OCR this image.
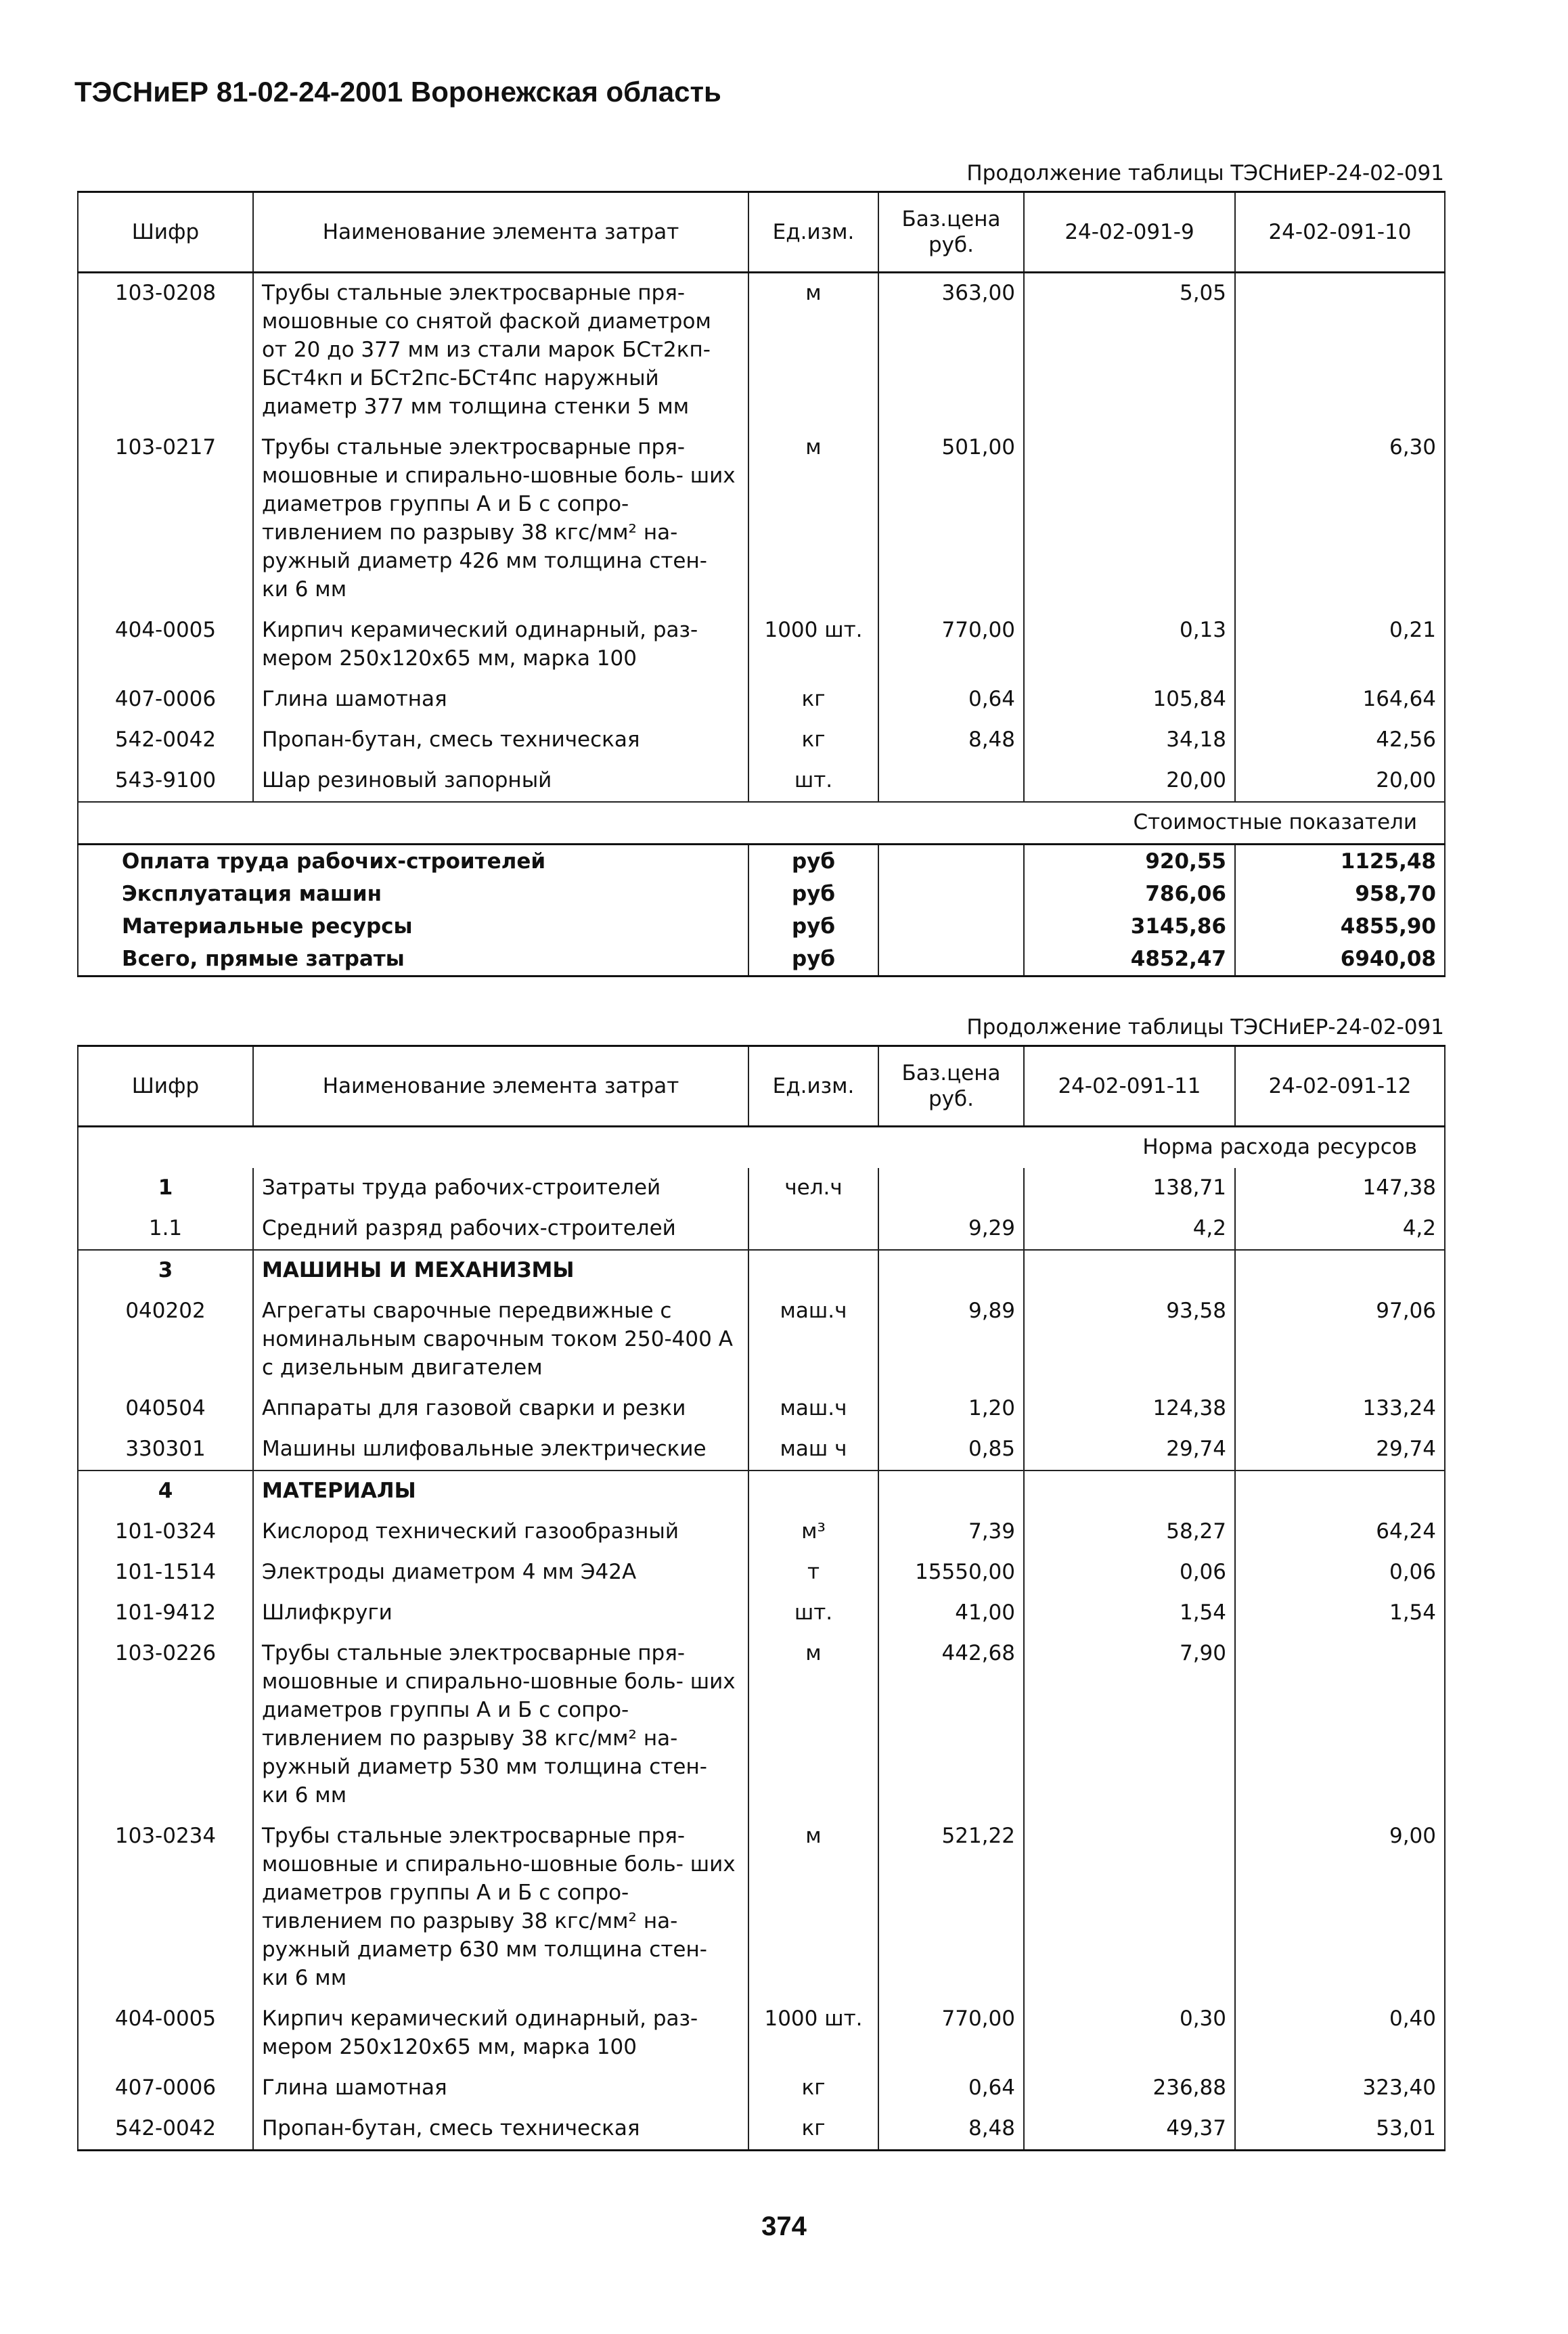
ТЭСНиЕР 81-02-24-2001 Воронежская область
Продолжение таблицы ТЭСНиЕР-24-02-091
Шифр	Наименование элемента затрат	Ед.изм.	Баз.цена руб.	24-02-091-9	24-02-091-10
103-0208	Трубы стальные электросварные пря- мошовные со снятой фаской диаметром от 20 до 377 мм из стали марок БСт2кп-БСт4кп и БСт2пс-БСт4пс наружный диаметр 377 мм толщина стенки 5 мм	м	363,00	5,05	
103-0217	Трубы стальные электросварные пря- мошовные и спирально-шовные боль- ших диаметров группы А и Б с сопро- тивлением по разрыву 38 кгс/мм² на- ружный диаметр 426 мм толщина стен- ки 6 мм	м	501,00		6,30
404-0005	Кирпич керамический одинарный, раз- мером 250х120х65 мм, марка 100	1000 шт.	770,00	0,13	0,21
407-0006	Глина шамотная	кг	0,64	105,84	164,64
542-0042	Пропан-бутан, смесь техническая	кг	8,48	34,18	42,56
543-9100	Шар резиновый запорный	шт.		20,00	20,00
Стоимостные показатели					
Оплата труда рабочих-строителей		руб		920,55	1125,48
Эксплуатация машин		руб		786,06	958,70
Материальные ресурсы		руб		3145,86	4855,90
Всего, прямые затраты		руб		4852,47	6940,08
Продолжение таблицы ТЭСНиЕР-24-02-091
Шифр	Наименование элемента затрат	Ед.изм.	Баз.цена руб.	24-02-091-11	24-02-091-12
Норма расхода ресурсов					
1	Затраты труда рабочих-строителей	чел.ч		138,71	147,38
1.1	Средний разряд рабочих-строителей		9,29	4,2	4,2
3	МАШИНЫ И МЕХАНИЗМЫ				
040202	Агрегаты сварочные передвижные с номинальным сварочным током 250-400 А с дизельным двигателем	маш.ч	9,89	93,58	97,06
040504	Аппараты для газовой сварки и резки	маш.ч	1,20	124,38	133,24
330301	Машины шлифовальные электрические	маш ч	0,85	29,74	29,74
4	МАТЕРИАЛЫ				
101-0324	Кислород технический газообразный	м³	7,39	58,27	64,24
101-1514	Электроды диаметром 4 мм Э42А	т	15550,00	0,06	0,06
101-9412	Шлифкруги	шт.	41,00	1,54	1,54
103-0226	Трубы стальные электросварные пря- мошовные и спирально-шовные боль- ших диаметров группы А и Б с сопро- тивлением по разрыву 38 кгс/мм² на- ружный диаметр 530 мм толщина стен- ки 6 мм	м	442,68	7,90	
103-0234	Трубы стальные электросварные пря- мошовные и спирально-шовные боль- ших диаметров группы А и Б с сопро- тивлением по разрыву 38 кгс/мм² на- ружный диаметр 630 мм толщина стен- ки 6 мм	м	521,22		9,00
404-0005	Кирпич керамический одинарный, раз- мером 250х120х65 мм, марка 100	1000 шт.	770,00	0,30	0,40
407-0006	Глина шамотная	кг	0,64	236,88	323,40
542-0042	Пропан-бутан, смесь техническая	кг	8,48	49,37	53,01
374
